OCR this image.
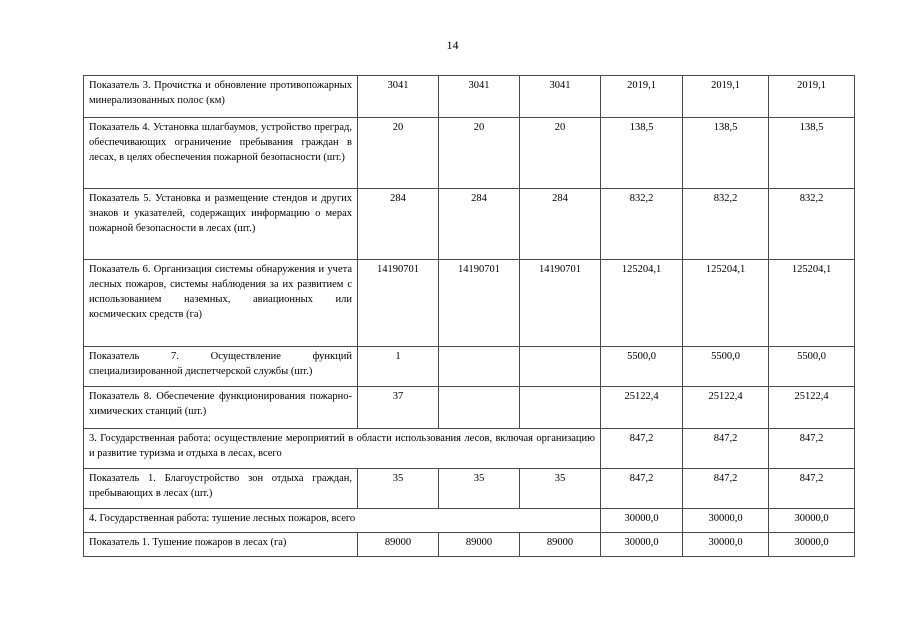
14
Показатель 3. Прочистка и обновление противопожарных минерализованных полос (км)	3041	3041	3041	2019,1	2019,1	2019,1
Показатель 4. Установка шлагбаумов, устройство преград, обеспечивающих ограничение пребывания граждан в лесах, в целях обеспечения пожарной безопасности (шт.)	20	20	20	138,5	138,5	138,5
Показатель 5. Установка и размещение стендов и других знаков и указателей, содержащих информацию о мерах пожарной безопасности в лесах (шт.)	284	284	284	832,2	832,2	832,2
Показатель 6. Организация системы обнаружения и учета лесных пожаров, системы наблюдения за их развитием с использованием наземных, авиационных или космических средств (га)	14190701	14190701	14190701	125204,1	125204,1	125204,1
Показатель 7. Осуществление функций специализированной диспетчерской службы (шт.)	1			5500,0	5500,0	5500,0
Показатель 8. Обеспечение функционирования пожарно-химических станций (шт.)	37			25122,4	25122,4	25122,4
3. Государственная работа: осуществление мероприятий в области использования лесов, включая организацию и развитие туризма и отдыха в лесах, всего				847,2	847,2	847,2
Показатель 1. Благоустройство зон отдыха граждан, пребывающих в лесах (шт.)	35	35	35	847,2	847,2	847,2
4. Государственная работа: тушение лесных пожаров, всего				30000,0	30000,0	30000,0
Показатель 1. Тушение пожаров в лесах (га)	89000	89000	89000	30000,0	30000,0	30000,0
